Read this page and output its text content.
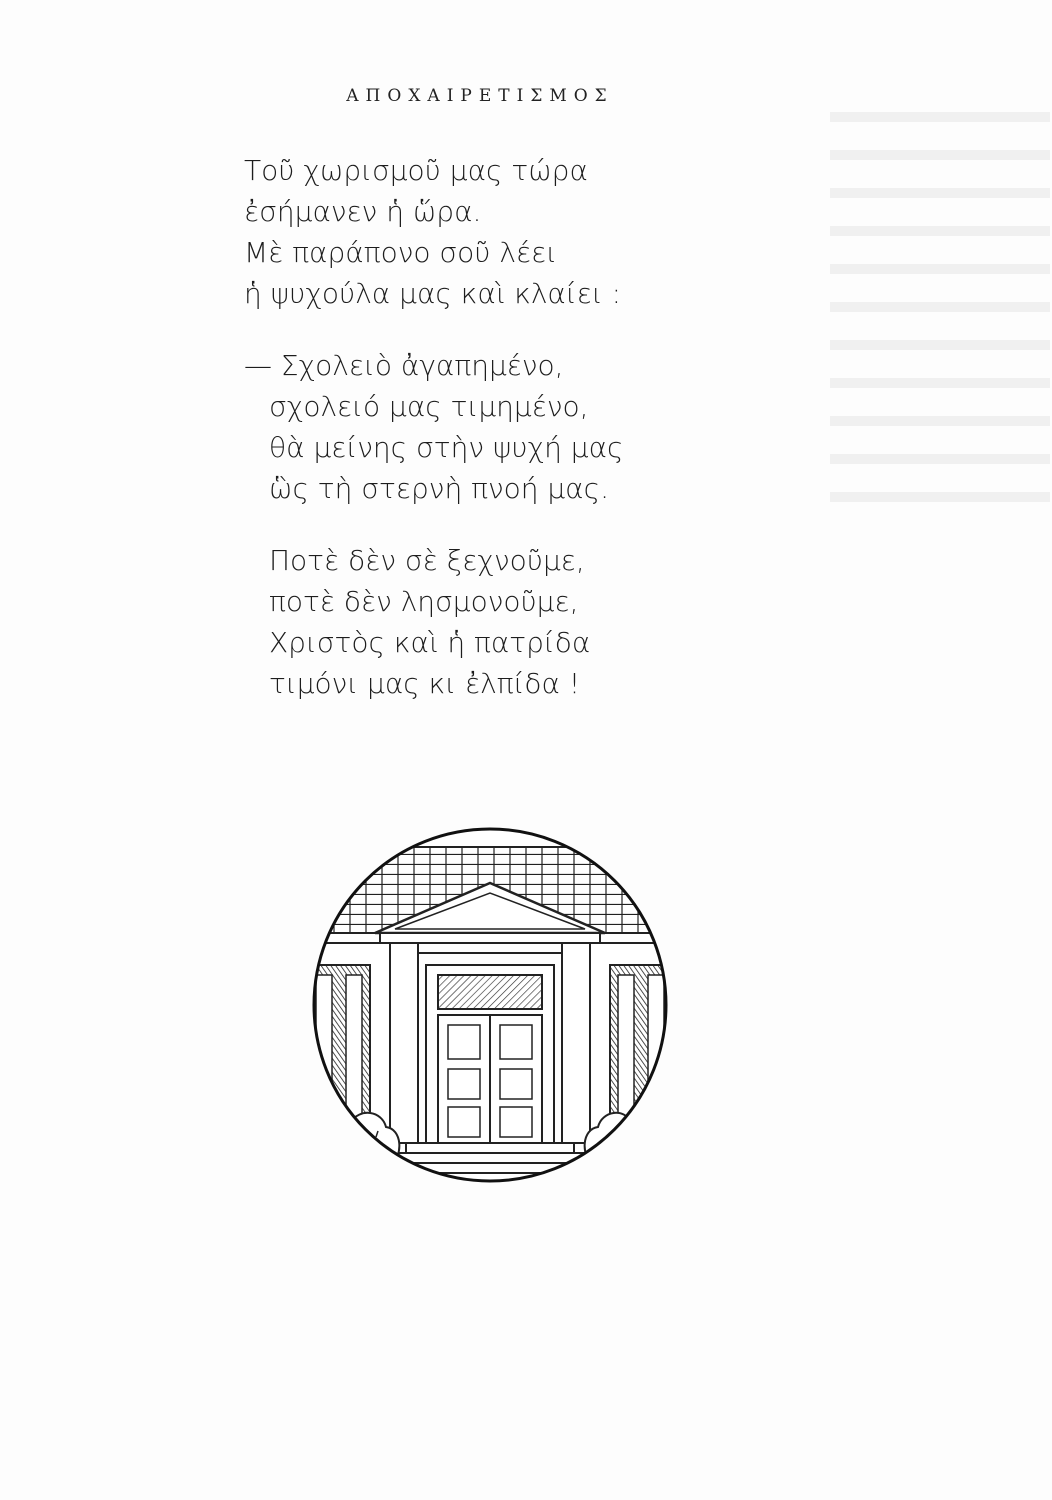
ΑΠΟΧΑΙΡΕΤΙΣΜΟΣ
Τοῦ χωρισμοῦ μας τώρα
ἐσήμανεν ἡ ὥρα.
Μὲ παράπονο σοῦ λέει
ἡ ψυχούλα μας καὶ κλαίει :
— Σχολειὸ ἀγαπημένο,
σχολειό μας τιμημένο,
θὰ μείνης στὴν ψυχή μας
ὣς τὴ στερνὴ πνοή μας.
Ποτὲ δὲν σὲ ξεχνοῦμε,
ποτὲ δὲν λησμονοῦμε,
Χριστὸς καὶ ἡ πατρίδα
τιμόνι μας κι ἐλπίδα !
